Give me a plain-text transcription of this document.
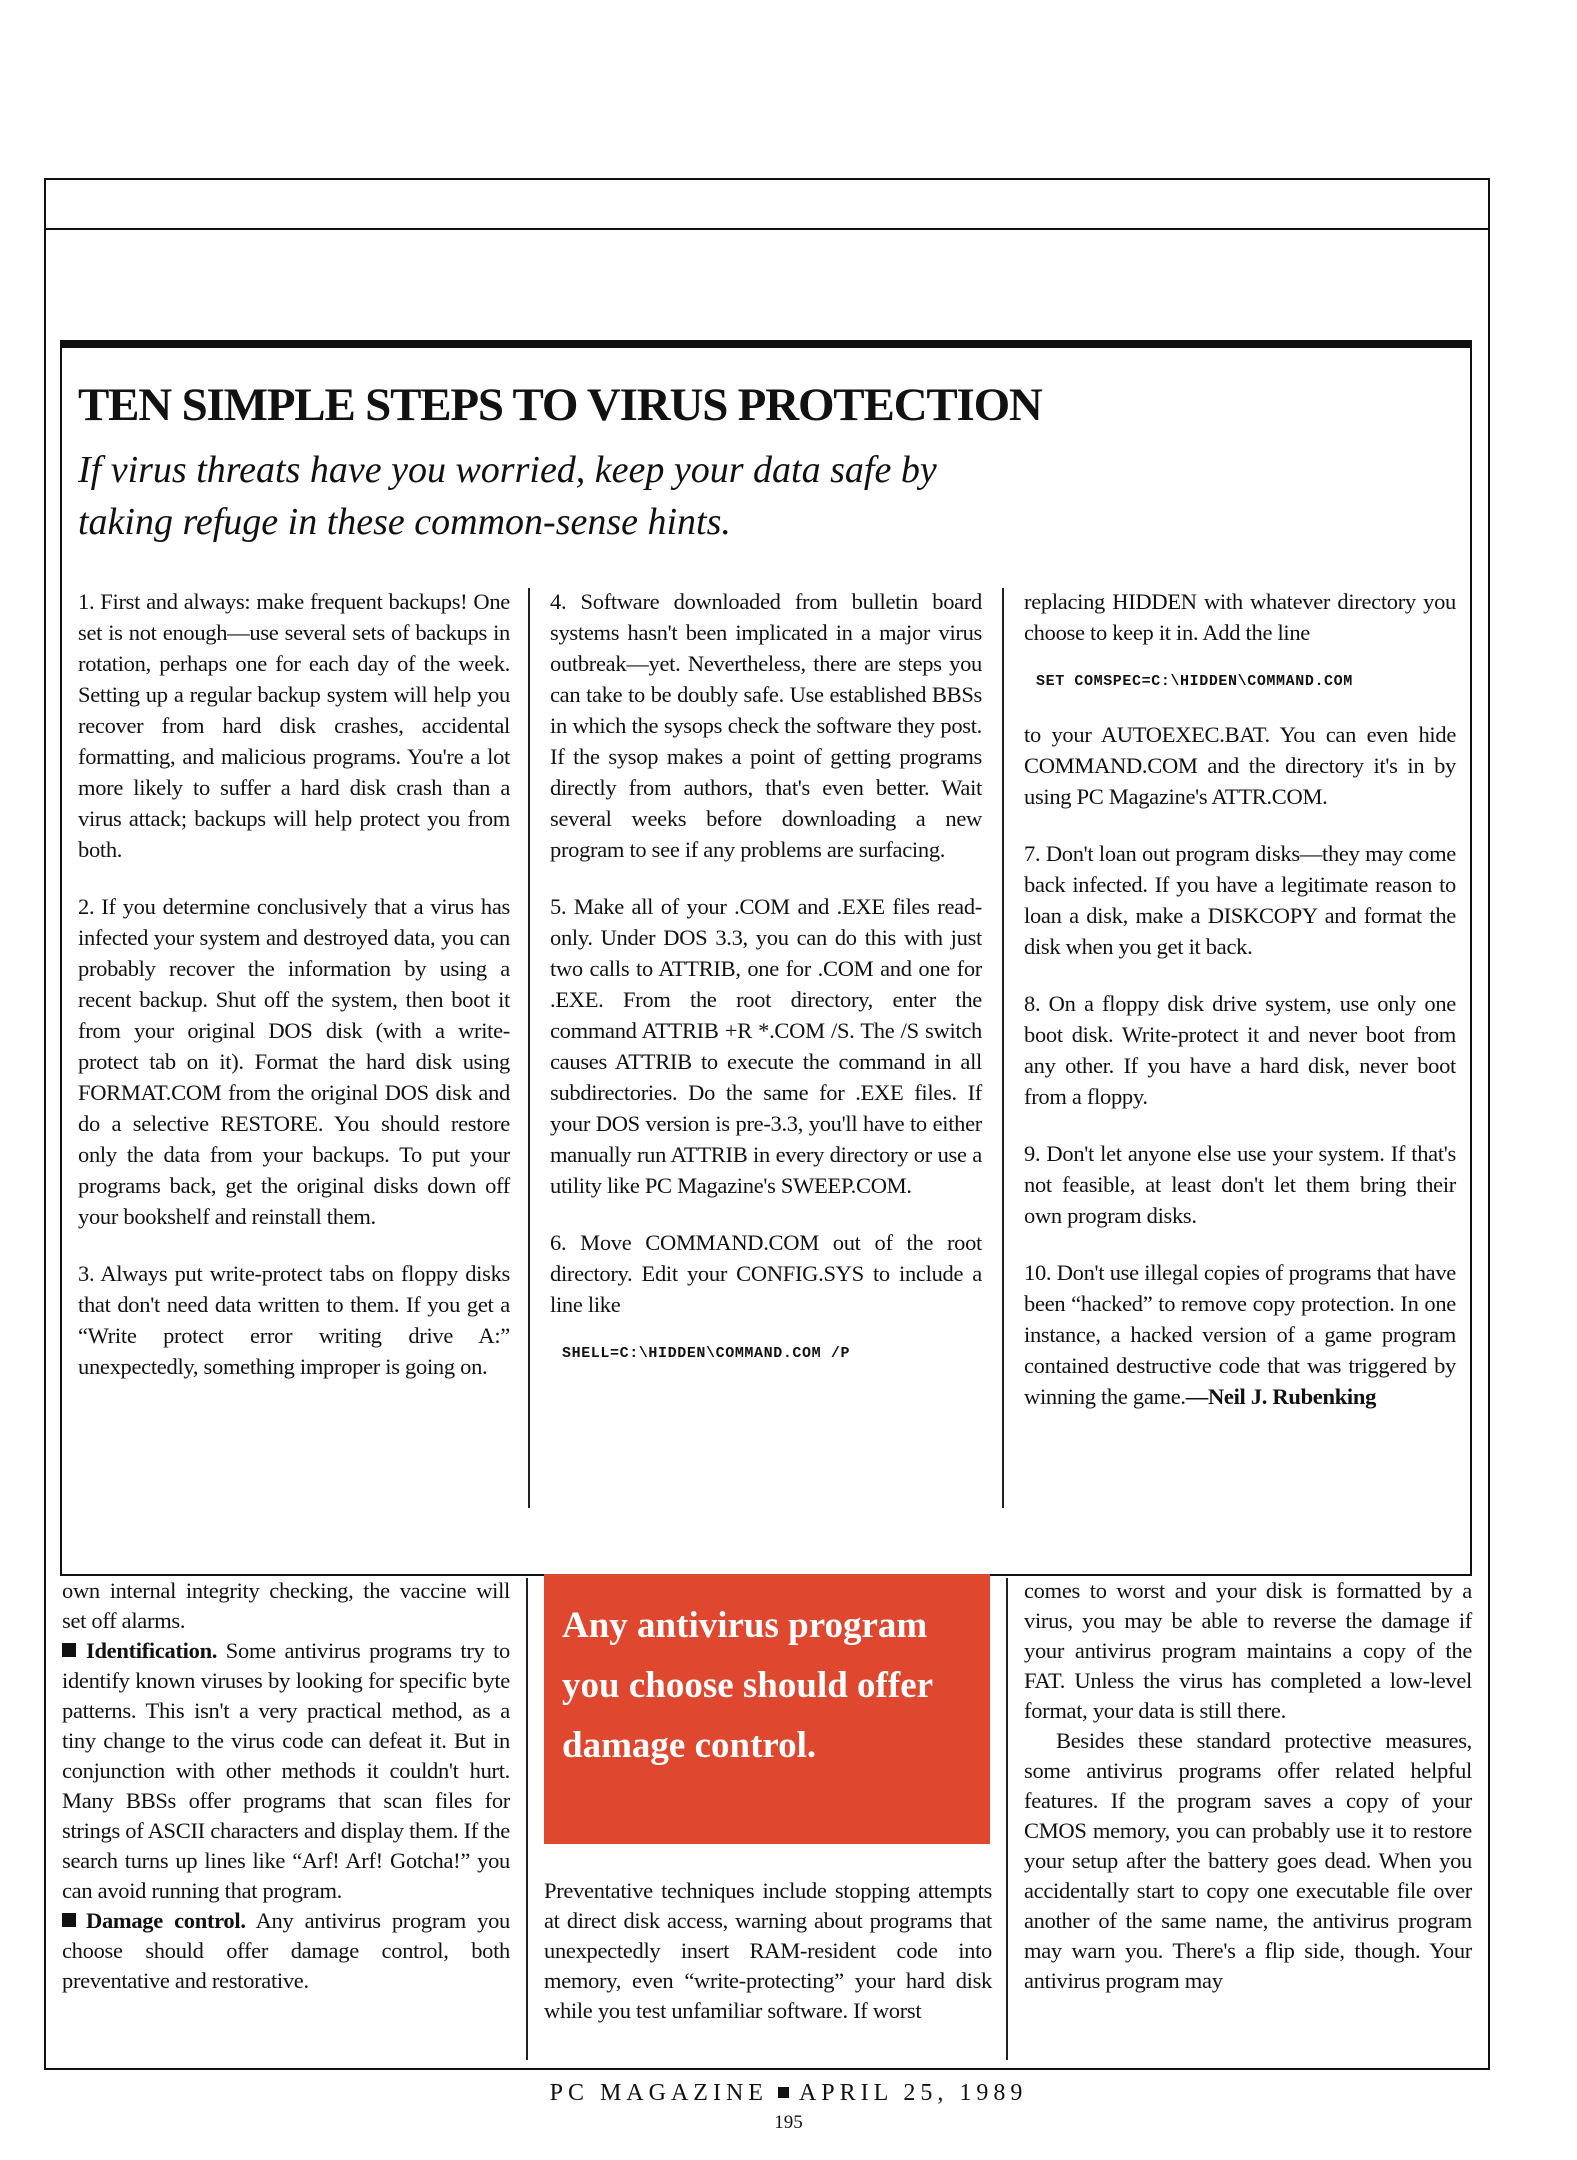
TEN SIMPLE STEPS TO VIRUS PROTECTION

If virus threats have you worried, keep your data safe by taking refuge in these common-sense hints.

1. First and always: make frequent backups! One set is not enough—use several sets of backups in rotation, perhaps one for each day of the week. Setting up a regular backup system will help you recover from hard disk crashes, accidental formatting, and malicious programs. You're a lot more likely to suffer a hard disk crash than a virus attack; backups will help protect you from both.

2. If you determine conclusively that a virus has infected your system and destroyed data, you can probably recover the information by using a recent backup. Shut off the system, then boot it from your original DOS disk (with a write-protect tab on it). Format the hard disk using FORMAT.COM from the original DOS disk and do a selective RESTORE. You should restore only the data from your backups. To put your programs back, get the original disks down off your bookshelf and reinstall them.

3. Always put write-protect tabs on floppy disks that don't need data written to them. If you get a “Write protect error writing drive A:” unexpectedly, something improper is going on.

4. Software downloaded from bulletin board systems hasn't been implicated in a major virus outbreak—yet. Nevertheless, there are steps you can take to be doubly safe. Use established BBSs in which the sysops check the software they post. If the sysop makes a point of getting programs directly from authors, that's even better. Wait several weeks before downloading a new program to see if any problems are surfacing.

5. Make all of your .COM and .EXE files read-only. Under DOS 3.3, you can do this with just two calls to ATTRIB, one for .COM and one for .EXE. From the root directory, enter the command ATTRIB +R *.COM /S. The /S switch causes ATTRIB to execute the command in all subdirectories. Do the same for .EXE files. If your DOS version is pre-3.3, you'll have to either manually run ATTRIB in every directory or use a utility like PC Magazine's SWEEP.COM.

6. Move COMMAND.COM out of the root directory. Edit your CONFIG.SYS to include a line like

SHELL=C:\HIDDEN\COMMAND.COM /P

replacing HIDDEN with whatever directory you choose to keep it in. Add the line

SET COMSPEC=C:\HIDDEN\COMMAND.COM

to your AUTOEXEC.BAT. You can even hide COMMAND.COM and the directory it's in by using PC Magazine's ATTR.COM.

7. Don't loan out program disks—they may come back infected. If you have a legitimate reason to loan a disk, make a DISKCOPY and format the disk when you get it back.

8. On a floppy disk drive system, use only one boot disk. Write-protect it and never boot from any other. If you have a hard disk, never boot from a floppy.

9. Don't let anyone else use your system. If that's not feasible, at least don't let them bring their own program disks.

10. Don't use illegal copies of programs that have been “hacked” to remove copy protection. In one instance, a hacked version of a game program contained destructive code that was triggered by winning the game.—Neil J. Rubenking

own internal integrity checking, the vaccine will set off alarms.

Identification. Some antivirus programs try to identify known viruses by looking for specific byte patterns. This isn't a very practical method, as a tiny change to the virus code can defeat it. But in conjunction with other methods it couldn't hurt. Many BBSs offer programs that scan files for strings of ASCII characters and display them. If the search turns up lines like “Arf! Arf! Gotcha!” you can avoid running that program.

Damage control. Any antivirus program you choose should offer damage control, both preventative and restorative.

Any antivirus program you choose should offer damage control.

Preventative techniques include stopping attempts at direct disk access, warning about programs that unexpectedly insert RAM-resident code into memory, even “write-protecting” your hard disk while you test unfamiliar software. If worst

comes to worst and your disk is formatted by a virus, you may be able to reverse the damage if your antivirus program maintains a copy of the FAT. Unless the virus has completed a low-level format, your data is still there.

Besides these standard protective measures, some antivirus programs offer related helpful features. If the program saves a copy of your CMOS memory, you can probably use it to restore your setup after the battery goes dead. When you accidentally start to copy one executable file over another of the same name, the antivirus program may warn you. There's a flip side, though. Your antivirus program may

PC MAGAZINE APRIL 25, 1989
195
